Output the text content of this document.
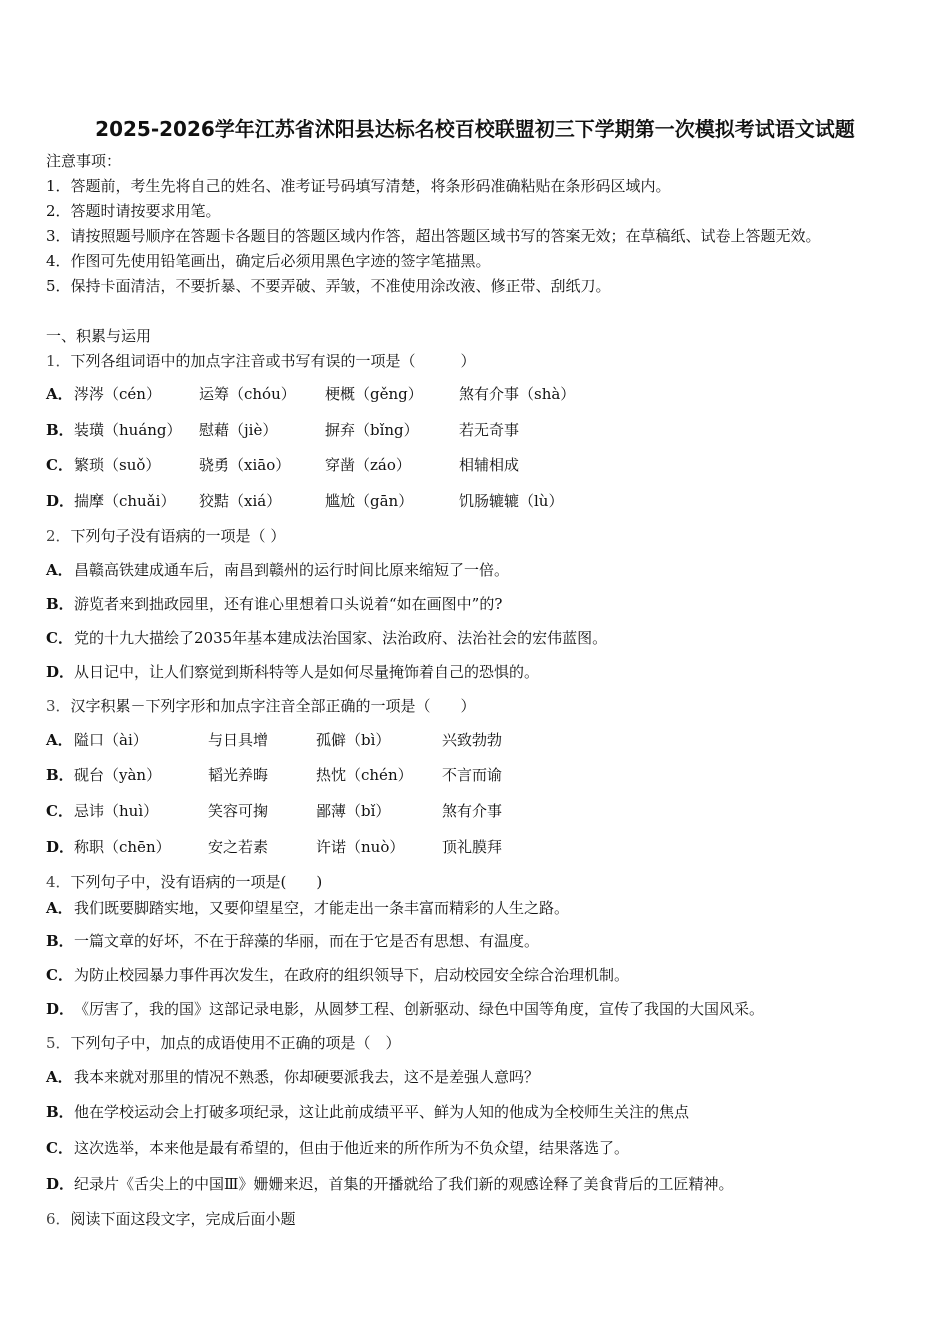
2025-2026学年江苏省沭阳县达标名校百校联盟初三下学期第一次模拟考试语文试题
注意事项：
1．答题前，考生先将自己的姓名、准考证号码填写清楚，将条形码准确粘贴在条形码区域内。
2．答题时请按要求用笔。
3．请按照题号顺序在答题卡各题目的答题区域内作答，超出答题区域书写的答案无效；在草稿纸、试卷上答题无效。
4．作图可先使用铅笔画出，确定后必须用黑色字迹的签字笔描黑。
5．保持卡面清洁，不要折暴、不要弄破、弄皱，不准使用涂改液、修正带、刮纸刀。
一、积累与运用
1．下列各组词语中的加点字注音或书写有误的一项是（　　　）
A． 涔涔（cén）	运筹（chóu） 梗概（gěng） 煞有介事（shà）
B． 装璜（huáng） 慰藉（jiè）	摒弃（bǐng）	若无奇事
C． 繁琐（suǒ）	骁勇（xiāo） 穿凿（záo）	相辅相成
D． 揣摩（chuǎi） 狡黠（xiá）	尴尬（gān）	饥肠辘辘（lù）
2．下列句子没有语病的一项是（ ）
A．昌赣高铁建成通车后，南昌到赣州的运行时间比原来缩短了一倍。
B．游览者来到拙政园里，还有谁心里想着口头说着“如在画图中”的?
C．党的十九大描绘了2035年基本建成法治国家、法治政府、法治社会的宏伟蓝图。
D．从日记中，让人们察觉到斯科特等人是如何尽量掩饰着自己的恐惧的。
3．汉字积累－下列字形和加点字注音全部正确的一项是（　　）
A． 隘口（ài）	与日具增	孤僻（bì）	兴致勃勃
B． 砚台（yàn）	韬光养晦	热忱（chén） 不言而谕
C． 忌讳（huì）	笑容可掬	鄙薄（bǐ）	煞有介事
D． 称职（chēn） 安之若素	许诺（nuò）	顶礼膜拜
4．下列句子中，没有语病的一项是(　　)
A．我们既要脚踏实地，又要仰望星空，才能走出一条丰富而精彩的人生之路。
B．一篇文章的好坏，不在于辞藻的华丽，而在于它是否有思想、有温度。
C．为防止校园暴力事件再次发生，在政府的组织领导下，启动校园安全综合治理机制。
D．《厉害了，我的国》这部记录电影，从圆梦工程、创新驱动、绿色中国等角度，宣传了我国的大国风采。
5．下列句子中，加点的成语使用不正确的项是（　）
A．我本来就对那里的情况不熟悉，你却硬要派我去，这不是差强人意吗？
B．他在学校运动会上打破多项纪录，这让此前成绩平平、鲜为人知的他成为全校师生关注的焦点
C．这次选举，本来他是最有希望的，但由于他近来的所作所为不负众望，结果落选了。
D．纪录片《舌尖上的中国Ⅲ》姗姗来迟，首集的开播就给了我们新的观感诠释了美食背后的工匠精神。
6．阅读下面这段文字，完成后面小题
